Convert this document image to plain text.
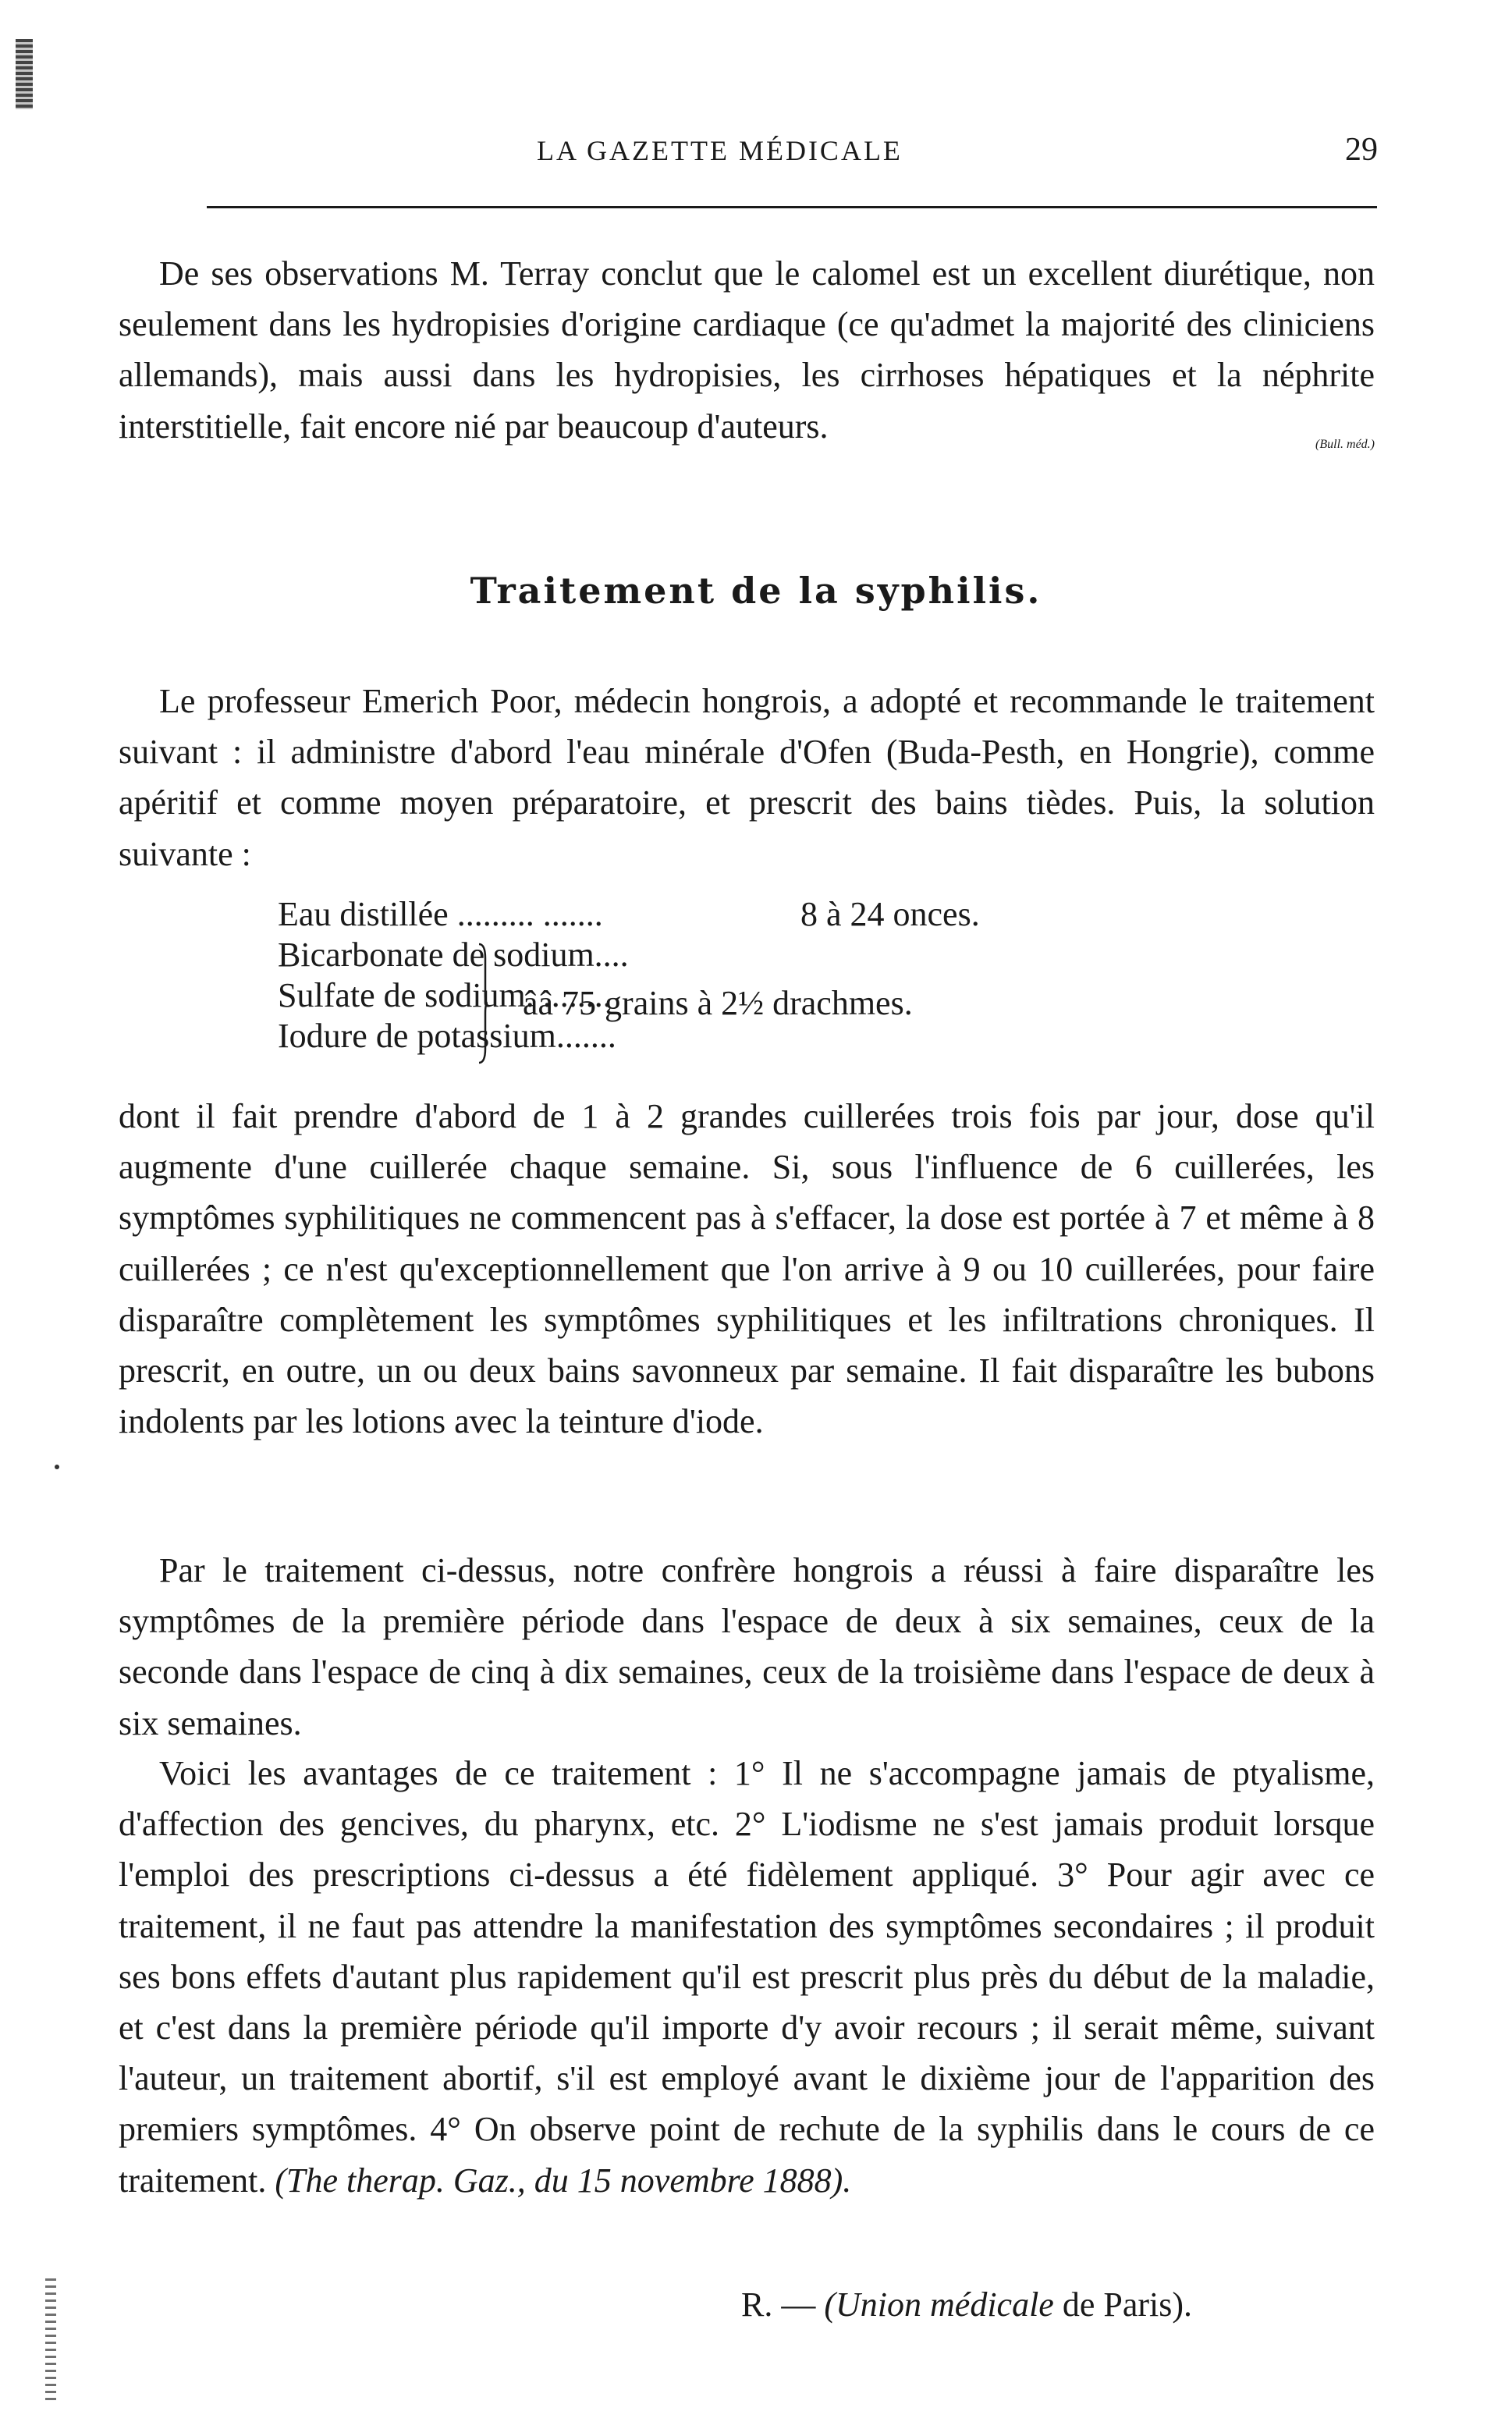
LA GAZETTE MÉDICALE	29

De ses observations M. Terray conclut que le calomel est un excellent diurétique, non seulement dans les hydropisies d'origine cardiaque (ce qu'admet la majorité des cliniciens allemands), mais aussi dans les hydropisies, les cirrhoses hépatiques et la néphrite interstitielle, fait encore nié par beaucoup d'auteurs.	(Bull. méd.)
Traitement de la syphilis.

Le professeur Emerich Poor, médecin hongrois, a adopté et recommande le traitement suivant : il administre d'abord l'eau minérale d'Ofen (Buda-Pesth, en Hongrie), comme apéritif et comme moyen préparatoire, et prescrit des bains tièdes. Puis, la solution suivante :

Eau distillée ......... .......	8 à 24 onces.
Bicarbonate de sodium....
Sulfate de sodium. ........
Iodure de potassium.......
ââ 75 grains à 2½ drachmes.

dont il fait prendre d'abord de 1 à 2 grandes cuillerées trois fois par jour, dose qu'il augmente d'une cuillerée chaque semaine. Si, sous l'influence de 6 cuillerées, les symptômes syphilitiques ne commencent pas à s'effacer, la dose est portée à 7 et même à 8 cuillerées ; ce n'est qu'exceptionnellement que l'on arrive à 9 ou 10 cuillerées, pour faire disparaître complètement les symptômes syphilitiques et les infiltrations chroniques. Il prescrit, en outre, un ou deux bains savonneux par semaine. Il fait disparaître les bubons indolents par les lotions avec la teinture d'iode.

Par le traitement ci-dessus, notre confrère hongrois a réussi à faire disparaître les symptômes de la première période dans l'espace de deux à six semaines, ceux de la seconde dans l'espace de cinq à dix semaines, ceux de la troisième dans l'espace de deux à six semaines.

Voici les avantages de ce traitement : 1° Il ne s'accompagne jamais de ptyalisme, d'affection des gencives, du pharynx, etc. 2° L'iodisme ne s'est jamais produit lorsque l'emploi des prescriptions ci-dessus a été fidèlement appliqué. 3° Pour agir avec ce traitement, il ne faut pas attendre la manifestation des symptômes secondaires ; il produit ses bons effets d'autant plus rapidement qu'il est prescrit plus près du début de la maladie, et c'est dans la première période qu'il importe d'y avoir recours ; il serait même, suivant l'auteur, un traitement abortif, s'il est employé avant le dixième jour de l'apparition des premiers symptômes. 4° On observe point de rechute de la syphilis dans le cours de ce traitement. (The therap. Gaz., du 15 novembre 1888).

R. — (Union médicale de Paris).
